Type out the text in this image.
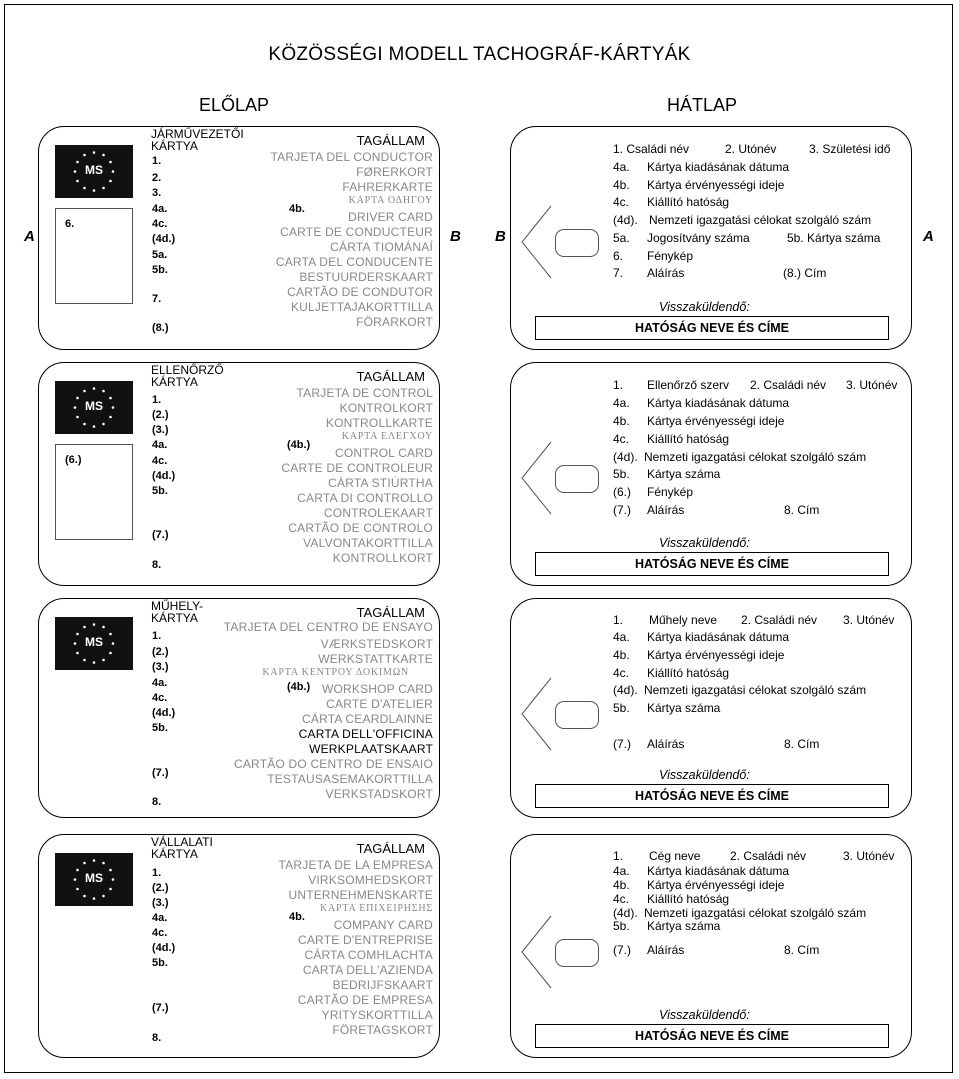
KÖZÖSSÉGI MODELL TACHOGRÁF-KÁRTYÁK
ELŐLAP	HÁTLAP
A	B B	A
MS
6.
JÁRMŰVEZETŐI
KÁRTYA	TAGÁLLAM
1.
2.
3.
4a.
4c.
(4d.)
5a.
5b.
7.
(8.)
TARJETA DEL CONDUCTOR
FØRERKORT
FAHRERKARTE
ΚΑΡΤΑ ΟΔΗΓΟΥ
DRIVER CARD
CARTE DE CONDUCTEUR
CÁRTA TIOMÁNAÍ
CARTA DEL CONDUCENTE
BESTUURDERSKAART
CARTÃO DE CONDUTOR
KULJETTAJAKORTTILLA
FÖRARKORT
4b.
1. Családi név	2. Utónév	3. Születési idő
4a. Kártya kiadásának dátuma
4b. Kártya érvényességi ideje
4c. Kiállító hatóság
(4d). Nemzeti igazgatási célokat szolgáló szám
5a. Jogosítvány száma	5b. Kártya száma
6. Fénykép
7. Aláírás	(8.) Cím
Visszaküldendő:
HATÓSÁG NEVE ÉS CÍME
MS
(6.)
ELLENŐRZŐ
KÁRTYA	TAGÁLLAM
1.
(2.)
(3.)
4a.
4c.
(4d.)
5b.
(7.)
8.
TARJETA DE CONTROL
KONTROLKORT
KONTROLLKARTE
ΚΑΡΤΑ ΕΛΕΓΧΟΥ
CONTROL CARD
CARTE DE CONTROLEUR
CÁRTA STIÚRTHA
CARTA DI CONTROLLO
CONTROLEKAART
CARTÃO DE CONTROLO
VALVONTAKORTTILLA
KONTROLLKORT
(4b.)
1. Ellenőrző szerv 2. Családi név 3. Utónév
4a. Kártya kiadásának dátuma
4b. Kártya érvényességi ideje
4c. Kiállító hatóság
(4d). Nemzeti igazgatási célokat szolgáló szám
5b. Kártya száma
(6.) Fénykép
(7.) Aláírás	8. Cím
Visszaküldendő:
HATÓSÁG NEVE ÉS CÍME
MS
MŰHELY-
KÁRTYA	TAGÁLLAM
1.
(2.)
(3.)
4a.
4c.
(4d.)
5b.
(7.)
8.
TARJETA DEL CENTRO DE ENSAYO
VÆRKSTEDSKORT
WERKSTATTKARTE
ΚΑΡΤΑ ΚΕΝΤΡΟΥ ΔΟΚΙΜΩΝ
WORKSHOP CARD
CARTE D'ATELIER
CÁRTA CEARDLAINNE
CARTA DELL'OFFICINA
WERKPLAATSKAART
CARTÃO DO CENTRO DE ENSAIO
TESTAUSASEMAKORTTILLA
VERKSTADSKORT
(4b.)
1. Műhely neve 2. Családi név 3. Utónév
4a. Kártya kiadásának dátuma
4b. Kártya érvényességi ideje
4c. Kiállító hatóság
(4d). Nemzeti igazgatási célokat szolgáló szám
5b. Kártya száma
(7.) Aláírás	8. Cím
Visszaküldendő:
HATÓSÁG NEVE ÉS CÍME
MS
VÁLLALATI
KÁRTYA	TAGÁLLAM
1.
(2.)
(3.)
4a.
4c.
(4d.)
5b.
(7.)
8.
TARJETA DE LA EMPRESA
VIRKSOMHEDSKORT
UNTERNEHMENSKARTE
ΚΑΡΤΑ ΕΠΙΧΕΙΡΗΣΗΣ
COMPANY CARD
CARTE D'ENTREPRISE
CÁRTA COMHLACHTA
CARTA DELL'AZIENDA
BEDRIJFSKAART
CARTÃO DE EMPRESA
YRITYSKORTTILLA
FÖRETAGSKORT
4b.
1. Cég neve 2. Családi név	3. Utónév
4a. Kártya kiadásának dátuma
4b. Kártya érvényességi ideje
4c. Kiállító hatóság
(4d). Nemzeti igazgatási célokat szolgáló szám
5b. Kártya száma
(7.) Aláírás	8. Cím
Visszaküldendő:
HATÓSÁG NEVE ÉS CÍME
